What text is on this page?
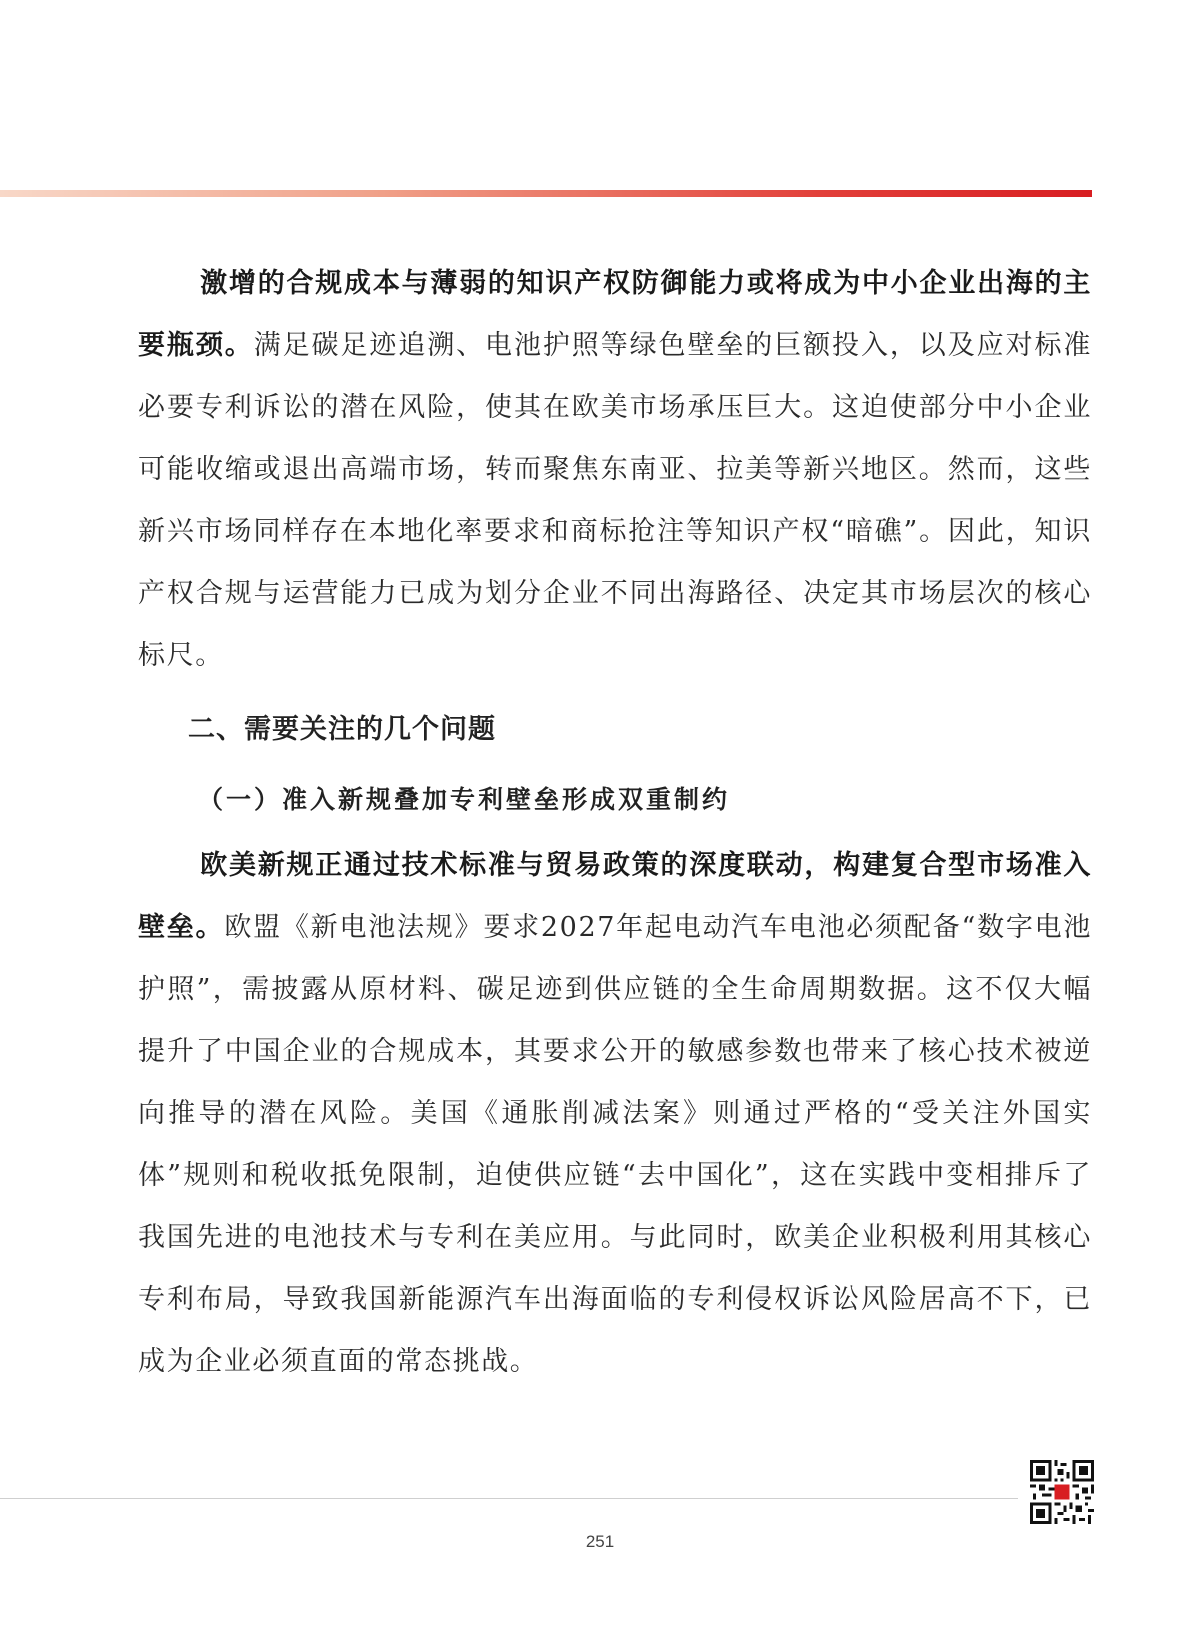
激增的合规成本与薄弱的知识产权防御能力或将成为中小企业出海的主要瓶颈。满足碳足迹追溯、电池护照等绿色壁垒的巨额投入，以及应对标准必要专利诉讼的潜在风险，使其在欧美市场承压巨大。这迫使部分中小企业可能收缩或退出高端市场，转而聚焦东南亚、拉美等新兴地区。然而，这些新兴市场同样存在本地化率要求和商标抢注等知识产权“暗礁”。因此，知识产权合规与运营能力已成为划分企业不同出海路径、决定其市场层次的核心标尺。

二、需要关注的几个问题
（一）准入新规叠加专利壁垒形成双重制约

欧美新规正通过技术标准与贸易政策的深度联动，构建复合型市场准入壁垒。欧盟《新电池法规》要求2027年起电动汽车电池必须配备“数字电池护照”，需披露从原材料、碳足迹到供应链的全生命周期数据。这不仅大幅提升了中国企业的合规成本，其要求公开的敏感参数也带来了核心技术被逆向推导的潜在风险。美国《通胀削减法案》则通过严格的“受关注外国实体”规则和税收抵免限制，迫使供应链“去中国化”，这在实践中变相排斥了我国先进的电池技术与专利在美应用。与此同时，欧美企业积极利用其核心专利布局，导致我国新能源汽车出海面临的专利侵权诉讼风险居高不下，已成为企业必须直面的常态挑战。

251
